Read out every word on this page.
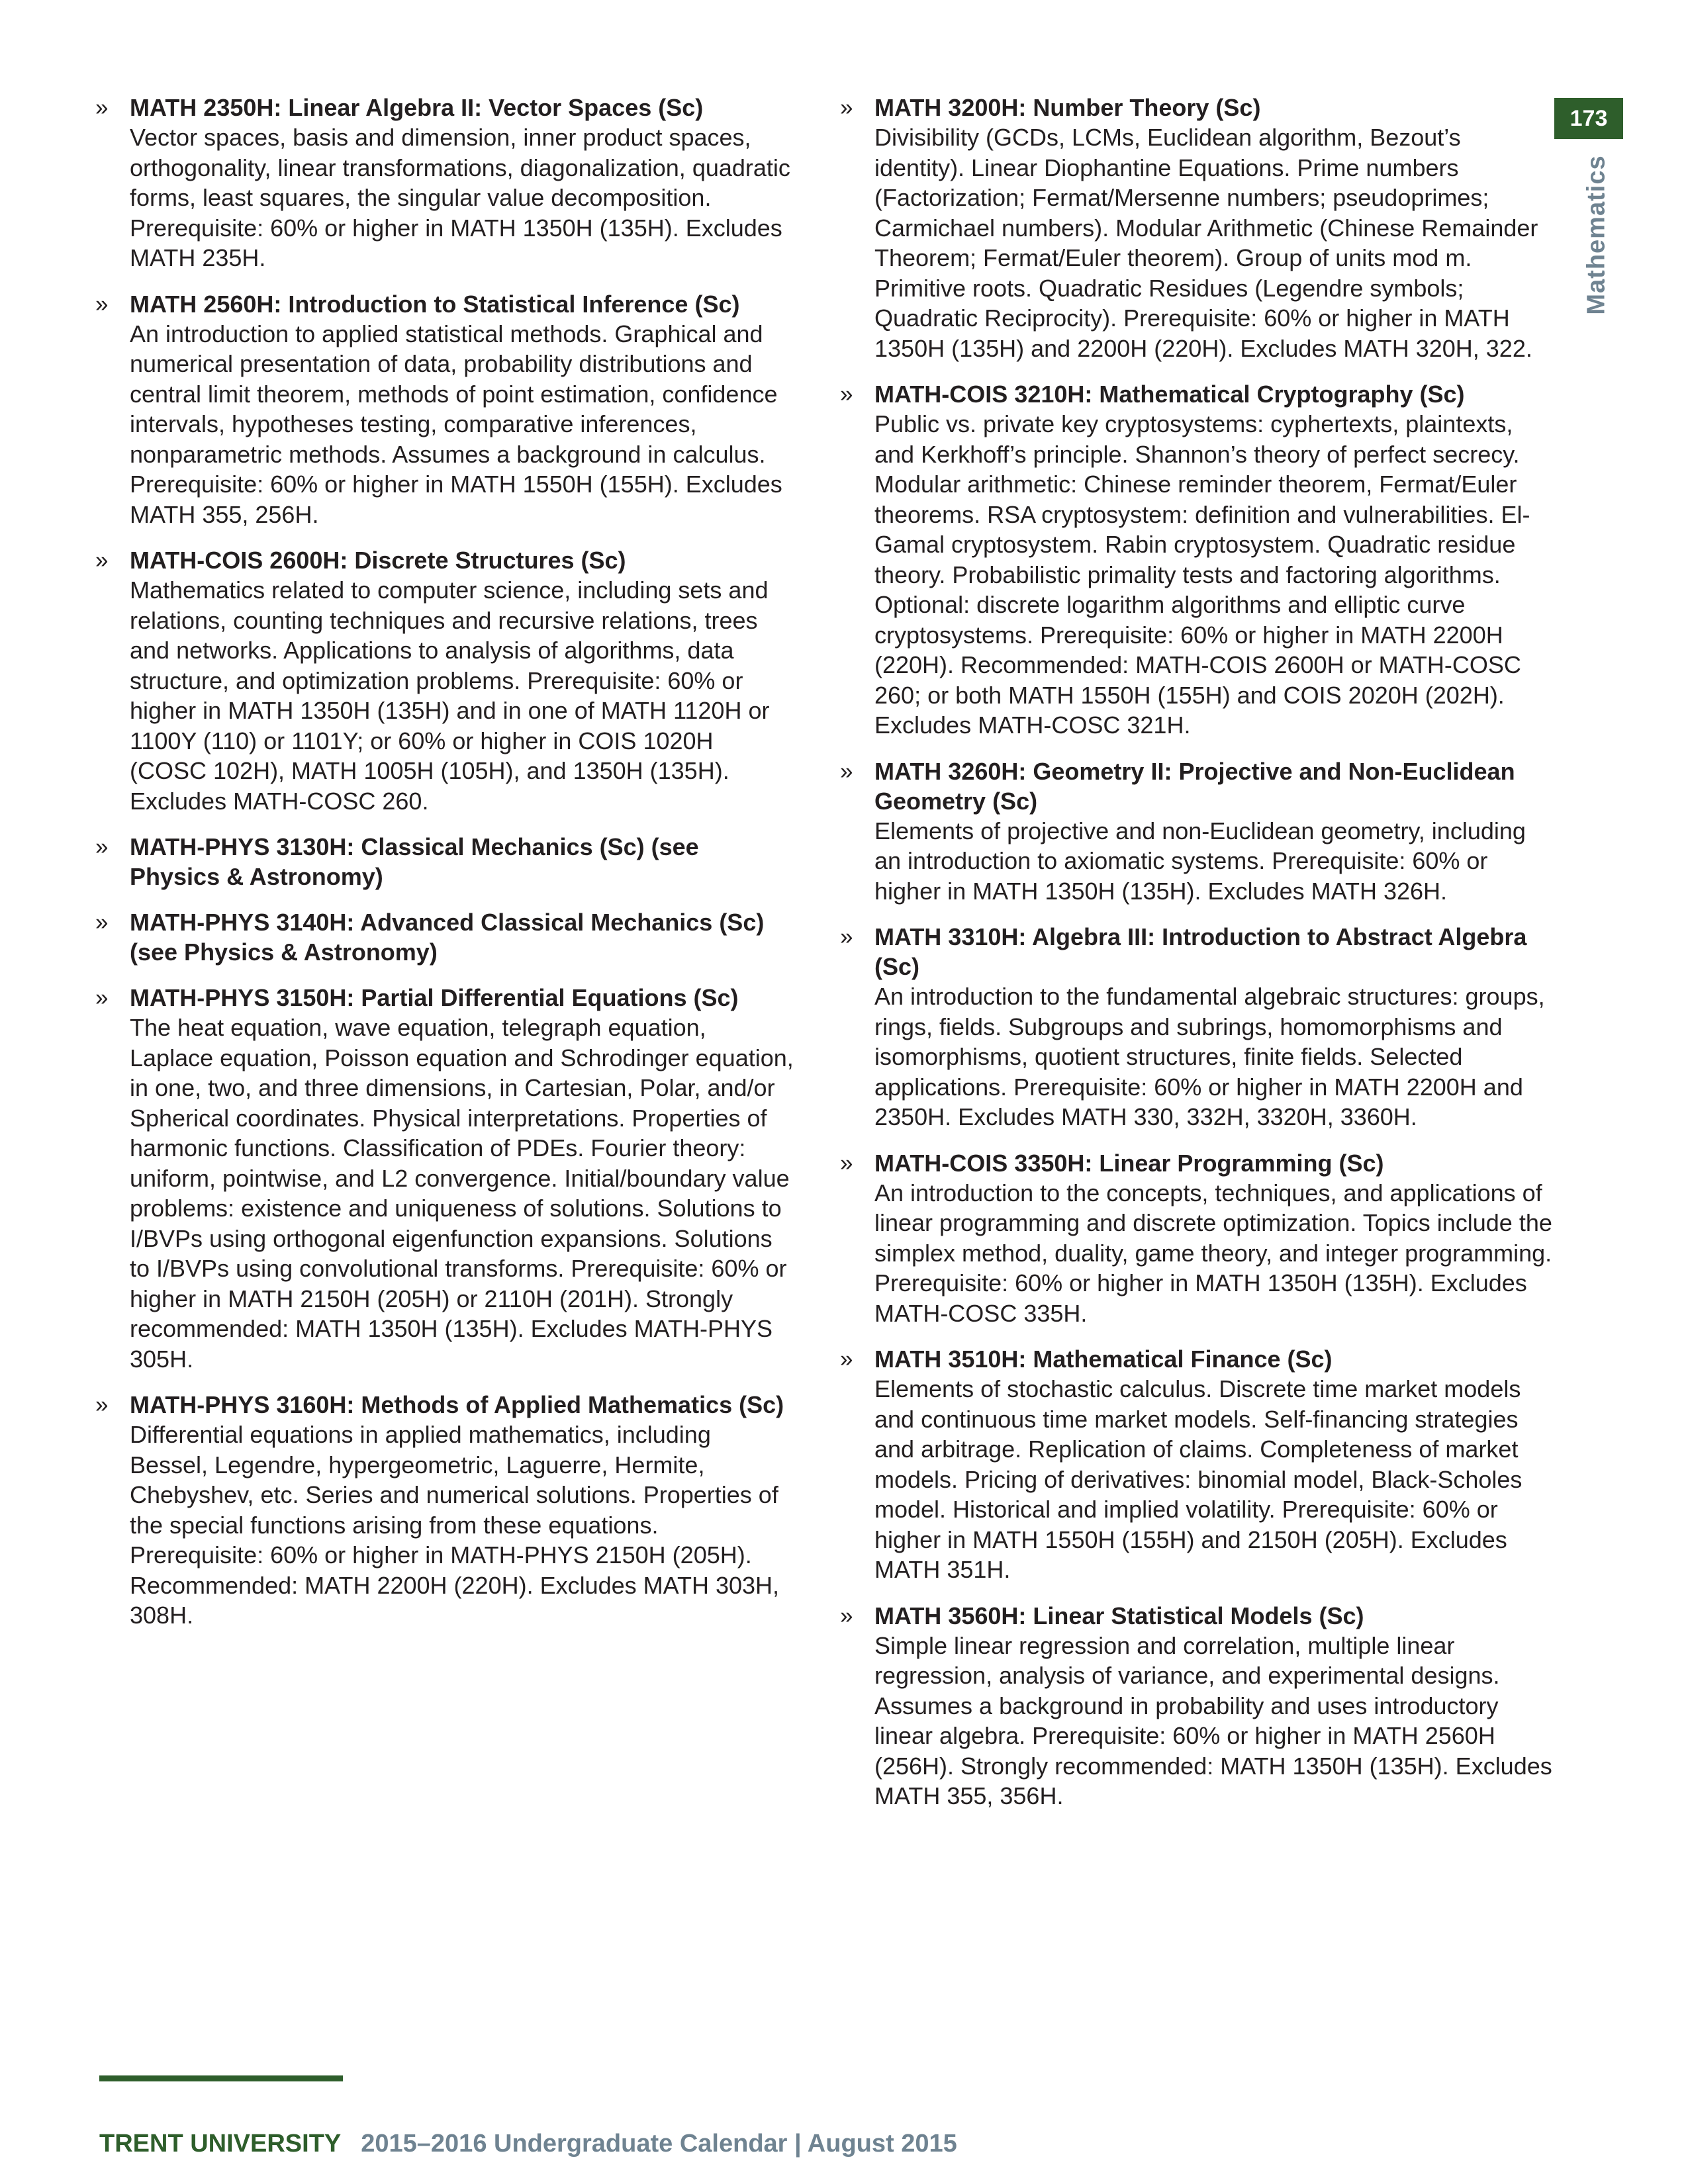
173
Mathematics
» MATH 2350H: Linear Algebra II: Vector Spaces (Sc)

Vector spaces, basis and dimension, inner product spaces, orthogonality, linear transformations, diagonalization, quadratic forms, least squares, the singular value decomposition. Prerequisite: 60% or higher in MATH 1350H (135H). Excludes MATH 235H.

» MATH 2560H: Introduction to Statistical Inference (Sc)

An introduction to applied statistical methods. Graphical and numerical presentation of data, probability distributions and central limit theorem, methods of point estimation, confidence intervals, hypotheses testing, comparative inferences, nonparametric methods. Assumes a background in calculus. Prerequisite: 60% or higher in MATH 1550H (155H). Excludes MATH 355, 256H.

» MATH-COIS 2600H: Discrete Structures (Sc)

Mathematics related to computer science, including sets and relations, counting techniques and recursive relations, trees and networks. Applications to analysis of algorithms, data structure, and optimization problems. Prerequisite: 60% or higher in MATH 1350H (135H) and in one of MATH 1120H or 1100Y (110) or 1101Y; or 60% or higher in COIS 1020H (COSC 102H), MATH 1005H (105H), and 1350H (135H). Excludes MATH-COSC 260.

» MATH-PHYS 3130H: Classical Mechanics (Sc) (see Physics & Astronomy)

» MATH-PHYS 3140H: Advanced Classical Mechanics (Sc) (see Physics & Astronomy)

» MATH-PHYS 3150H: Partial Differential Equations (Sc)

The heat equation, wave equation, telegraph equation, Laplace equation, Poisson equation and Schrodinger equation, in one, two, and three dimensions, in Cartesian, Polar, and/or Spherical coordinates. Physical interpretations. Properties of harmonic functions. Classification of PDEs. Fourier theory: uniform, pointwise, and L2 convergence. Initial/boundary value problems: existence and uniqueness of solutions. Solutions to I/BVPs using orthogonal eigenfunction expansions. Solutions to I/BVPs using convolutional transforms. Prerequisite: 60% or higher in MATH 2150H (205H) or 2110H (201H). Strongly recommended: MATH 1350H (135H). Excludes MATH-PHYS 305H.

» MATH-PHYS 3160H: Methods of Applied Mathematics (Sc)

Differential equations in applied mathematics, including Bessel, Legendre, hypergeometric, Laguerre, Hermite, Chebyshev, etc. Series and numerical solutions. Properties of the special functions arising from these equations. Prerequisite: 60% or higher in MATH-PHYS 2150H (205H). Recommended: MATH 2200H (220H). Excludes MATH 303H, 308H.

» MATH 3200H: Number Theory (Sc)

Divisibility (GCDs, LCMs, Euclidean algorithm, Bezout’s identity). Linear Diophantine Equations. Prime numbers (Factorization; Fermat/Mersenne numbers; pseudoprimes; Carmichael numbers). Modular Arithmetic (Chinese Remainder Theorem; Fermat/Euler theorem). Group of units mod m. Primitive roots. Quadratic Residues (Legendre symbols; Quadratic Reciprocity). Prerequisite: 60% or higher in MATH 1350H (135H) and 2200H (220H). Excludes MATH 320H, 322.

» MATH-COIS 3210H: Mathematical Cryptography (Sc)

Public vs. private key cryptosystems: cyphertexts, plaintexts, and Kerkhoff’s principle. Shannon’s theory of perfect secrecy. Modular arithmetic: Chinese reminder theorem, Fermat/Euler theorems. RSA cryptosystem: definition and vulnerabilities. El-Gamal cryptosystem. Rabin cryptosystem. Quadratic residue theory. Probabilistic primality tests and factoring algorithms. Optional: discrete logarithm algorithms and elliptic curve cryptosystems. Prerequisite: 60% or higher in MATH 2200H (220H). Recommended: MATH-COIS 2600H or MATH-COSC 260; or both MATH 1550H (155H) and COIS 2020H (202H). Excludes MATH-COSC 321H.

» MATH 3260H: Geometry II: Projective and Non-Euclidean Geometry (Sc)

Elements of projective and non-Euclidean geometry, including an introduction to axiomatic systems. Prerequisite: 60% or higher in MATH 1350H (135H). Excludes MATH 326H.

» MATH 3310H: Algebra III: Introduction to Abstract Algebra (Sc)

An introduction to the fundamental algebraic structures: groups, rings, fields. Subgroups and subrings, homomorphisms and isomorphisms, quotient structures, finite fields. Selected applications. Prerequisite: 60% or higher in MATH 2200H and 2350H. Excludes MATH 330, 332H, 3320H, 3360H.

» MATH-COIS 3350H: Linear Programming (Sc)

An introduction to the concepts, techniques, and applications of linear programming and discrete optimization. Topics include the simplex method, duality, game theory, and integer programming. Prerequisite: 60% or higher in MATH 1350H (135H). Excludes MATH-COSC 335H.

» MATH 3510H: Mathematical Finance (Sc)

Elements of stochastic calculus. Discrete time market models and continuous time market models. Self-financing strategies and arbitrage. Replication of claims. Completeness of market models. Pricing of derivatives: binomial model, Black-Scholes model. Historical and implied volatility. Prerequisite: 60% or higher in MATH 1550H (155H) and 2150H (205H). Excludes MATH 351H.

» MATH 3560H: Linear Statistical Models (Sc)

Simple linear regression and correlation, multiple linear regression, analysis of variance, and experimental designs. Assumes a background in probability and uses introductory linear algebra. Prerequisite: 60% or higher in MATH 2560H (256H). Strongly recommended: MATH 1350H (135H). Excludes MATH 355, 356H.

TRENT UNIVERSITY 2015–2016 Undergraduate Calendar | August 2015
